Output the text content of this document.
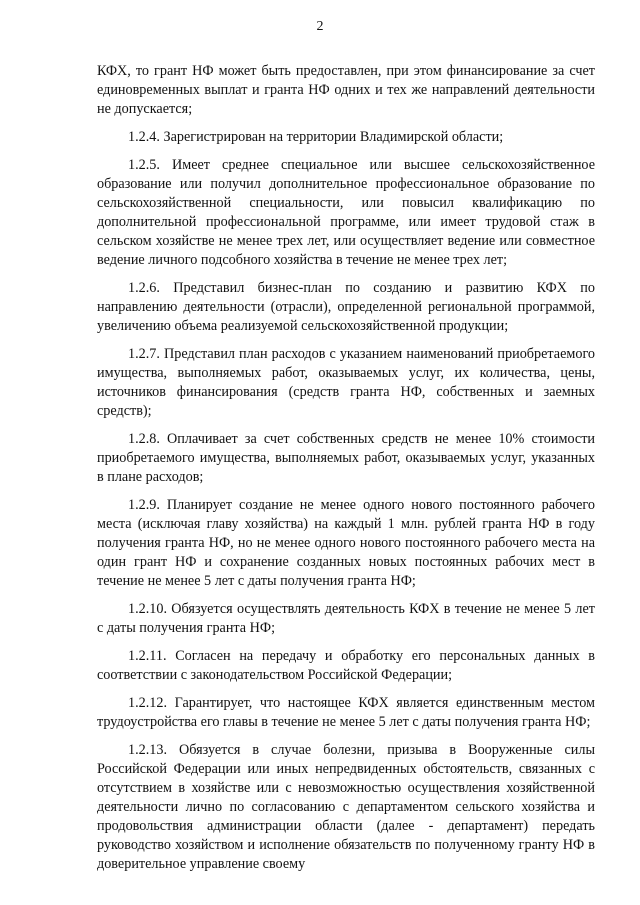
2

КФХ, то грант НФ может быть предоставлен, при этом финансирование за счет единовременных выплат и гранта НФ одних и тех же направлений деятельности не допускается;

1.2.4. Зарегистрирован на территории Владимирской области;

1.2.5. Имеет среднее специальное или высшее сельскохозяйственное образование или получил дополнительное профессиональное образование по сельскохозяйственной специальности, или повысил квалификацию по дополнительной профессиональной программе, или имеет трудовой стаж в сельском хозяйстве не менее трех лет, или осуществляет ведение или совместное ведение личного подсобного хозяйства в течение не менее трех лет;

1.2.6. Представил бизнес-план по созданию и развитию КФХ по направлению деятельности (отрасли), определенной региональной программой, увеличению объема реализуемой сельскохозяйственной продукции;

1.2.7. Представил план расходов с указанием наименований приобретаемого имущества, выполняемых работ, оказываемых услуг, их количества, цены, источников финансирования (средств гранта НФ, собственных и заемных средств);

1.2.8. Оплачивает за счет собственных средств не менее 10% стоимости приобретаемого имущества, выполняемых работ, оказываемых услуг, указанных в плане расходов;

1.2.9. Планирует создание не менее одного нового постоянного рабочего места (исключая главу хозяйства) на каждый 1 млн. рублей гранта НФ в году получения гранта НФ, но не менее одного нового постоянного рабочего места на один грант НФ и сохранение созданных новых постоянных рабочих мест в течение не менее 5 лет с даты получения гранта НФ;

1.2.10. Обязуется осуществлять деятельность КФХ в течение не менее 5 лет с даты получения гранта НФ;

1.2.11. Согласен на передачу и обработку его персональных данных в соответствии с законодательством Российской Федерации;

1.2.12. Гарантирует, что настоящее КФХ является единственным местом трудоустройства его главы в течение не менее 5 лет с даты получения гранта НФ;

1.2.13. Обязуется в случае болезни, призыва в Вооруженные силы Российской Федерации или иных непредвиденных обстоятельств, связанных с отсутствием в хозяйстве или с невозможностью осуществления хозяйственной деятельности лично по согласованию с департаментом сельского хозяйства и продовольствия администрации области (далее - департамент) передать руководство хозяйством и исполнение обязательств по полученному гранту НФ в доверительное управление своему
